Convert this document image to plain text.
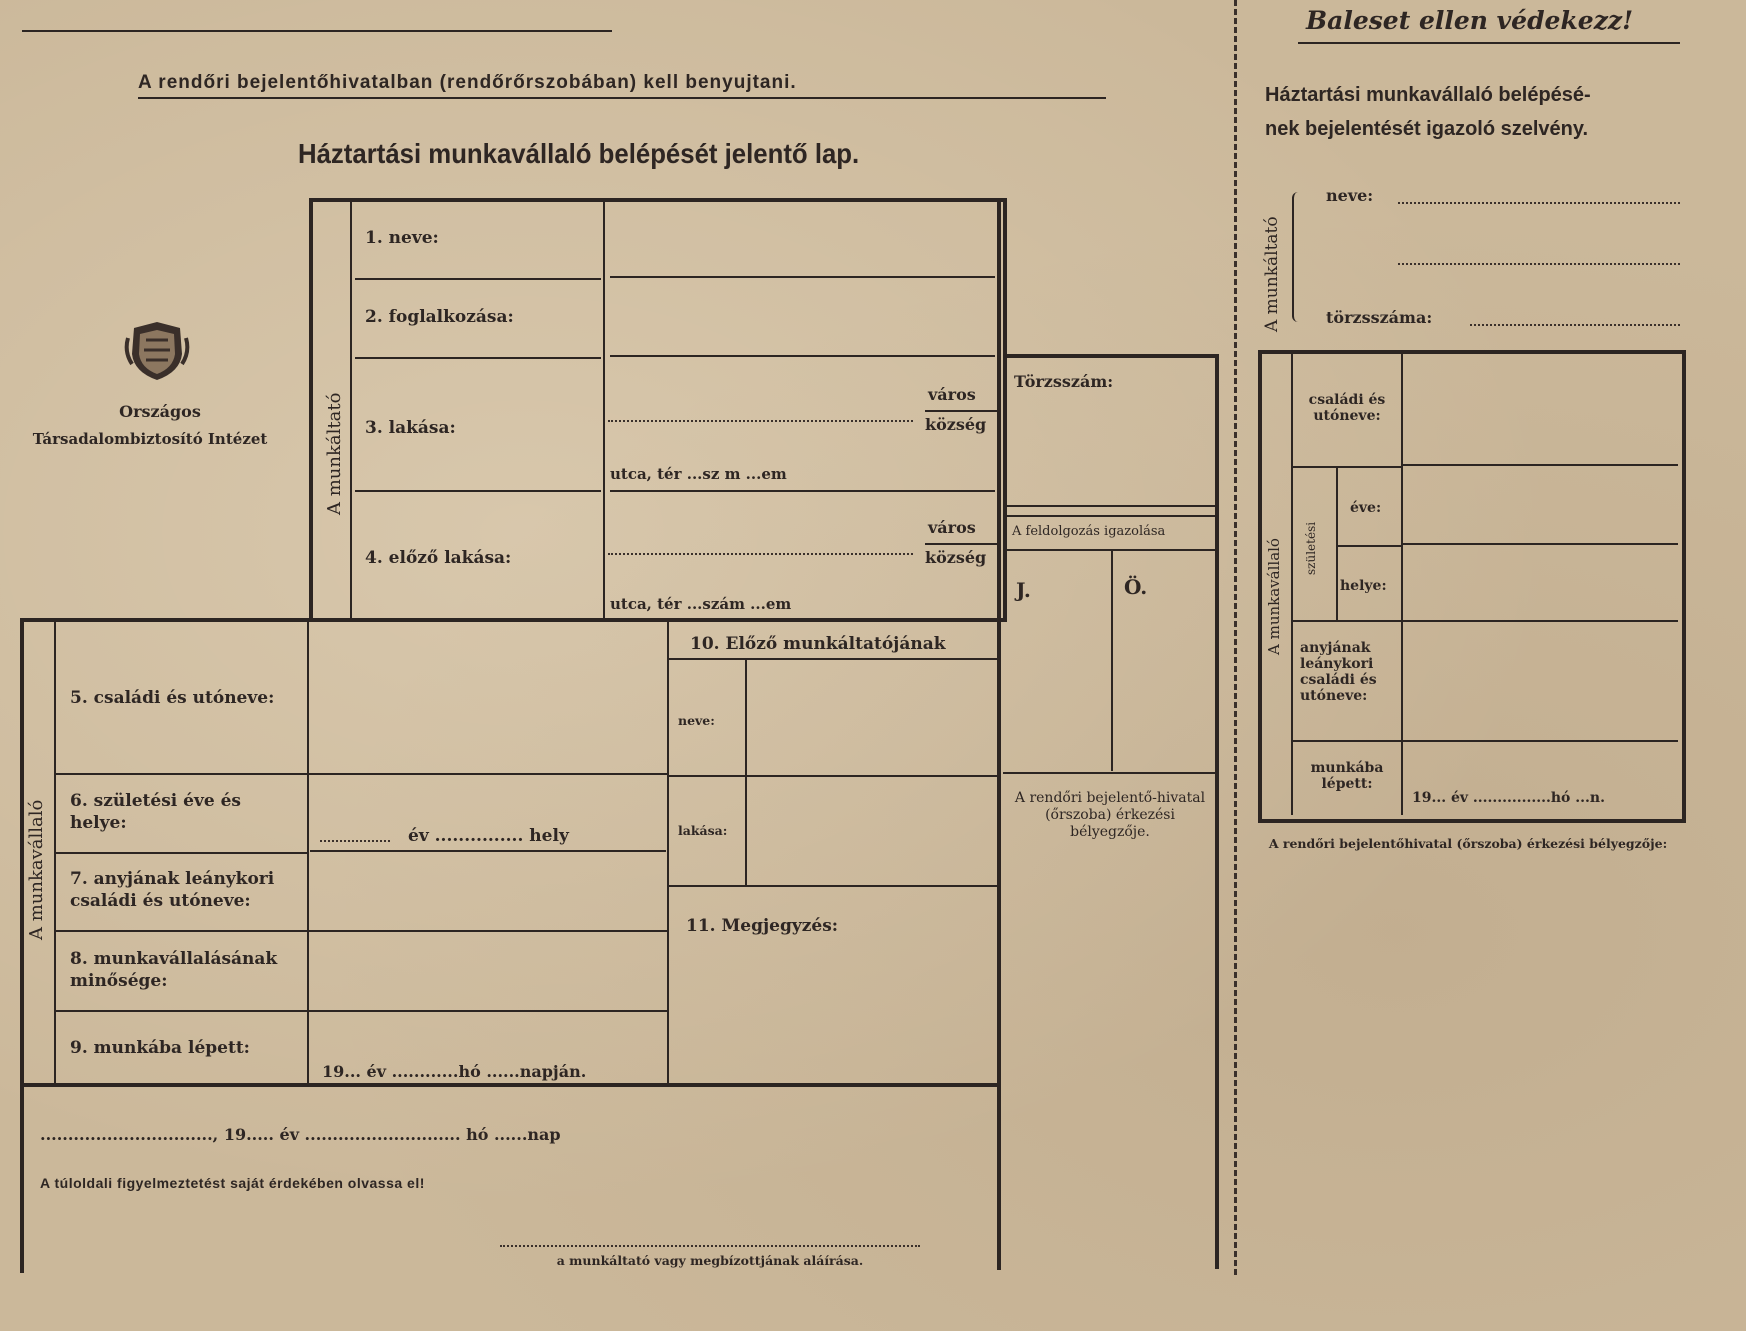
A rendőri bejelentőhivatalban (rendőrőrszobában) kell benyujtani.
Háztartási munkavállaló belépését jelentő lap.
Országos
Társadalombiztosító Intézet	A munkáltató
1. neve:
2. foglalkozása:
3. lakása:
város
község
utca, tér ...sz m ...em
4. előző lakása:
város
község
utca, tér ...szám ...em
Törzsszám:
A feldolgozás igazolása
J.	Ö.
A rendőri bejelentő-hivatal (őrszoba) érkezési bélyegzője.
A munkavállaló
5. családi és utóneve:
6. születési éve és helye:
év ............... hely
7. anyjának leánykori családi és utóneve:
8. munkavállalásának minősége:
9. munkába lépett:
19... év ............hó ......napján.
10. Előző munkáltatójának
neve:
lakása:
11. Megjegyzés:
..............................., 19..... év ............................ hó ......nap
A túloldali figyelmeztetést saját érdekében olvassa el!
a munkáltató vagy megbízottjának aláírása.
Baleset ellen védekezz!
Háztartási munkavállaló belépésé-
nek bejelentését igazoló szelvény.
A munkáltató
neve:
törzsszáma:
A munkavállaló
családi és utóneve:
születési
éve:
helye:
anyjának leánykori családi és utóneve:
munkába lépett:
19... év ................hó ...n.
A rendőri bejelentőhivatal (őrszoba) érkezési bélyegzője:
